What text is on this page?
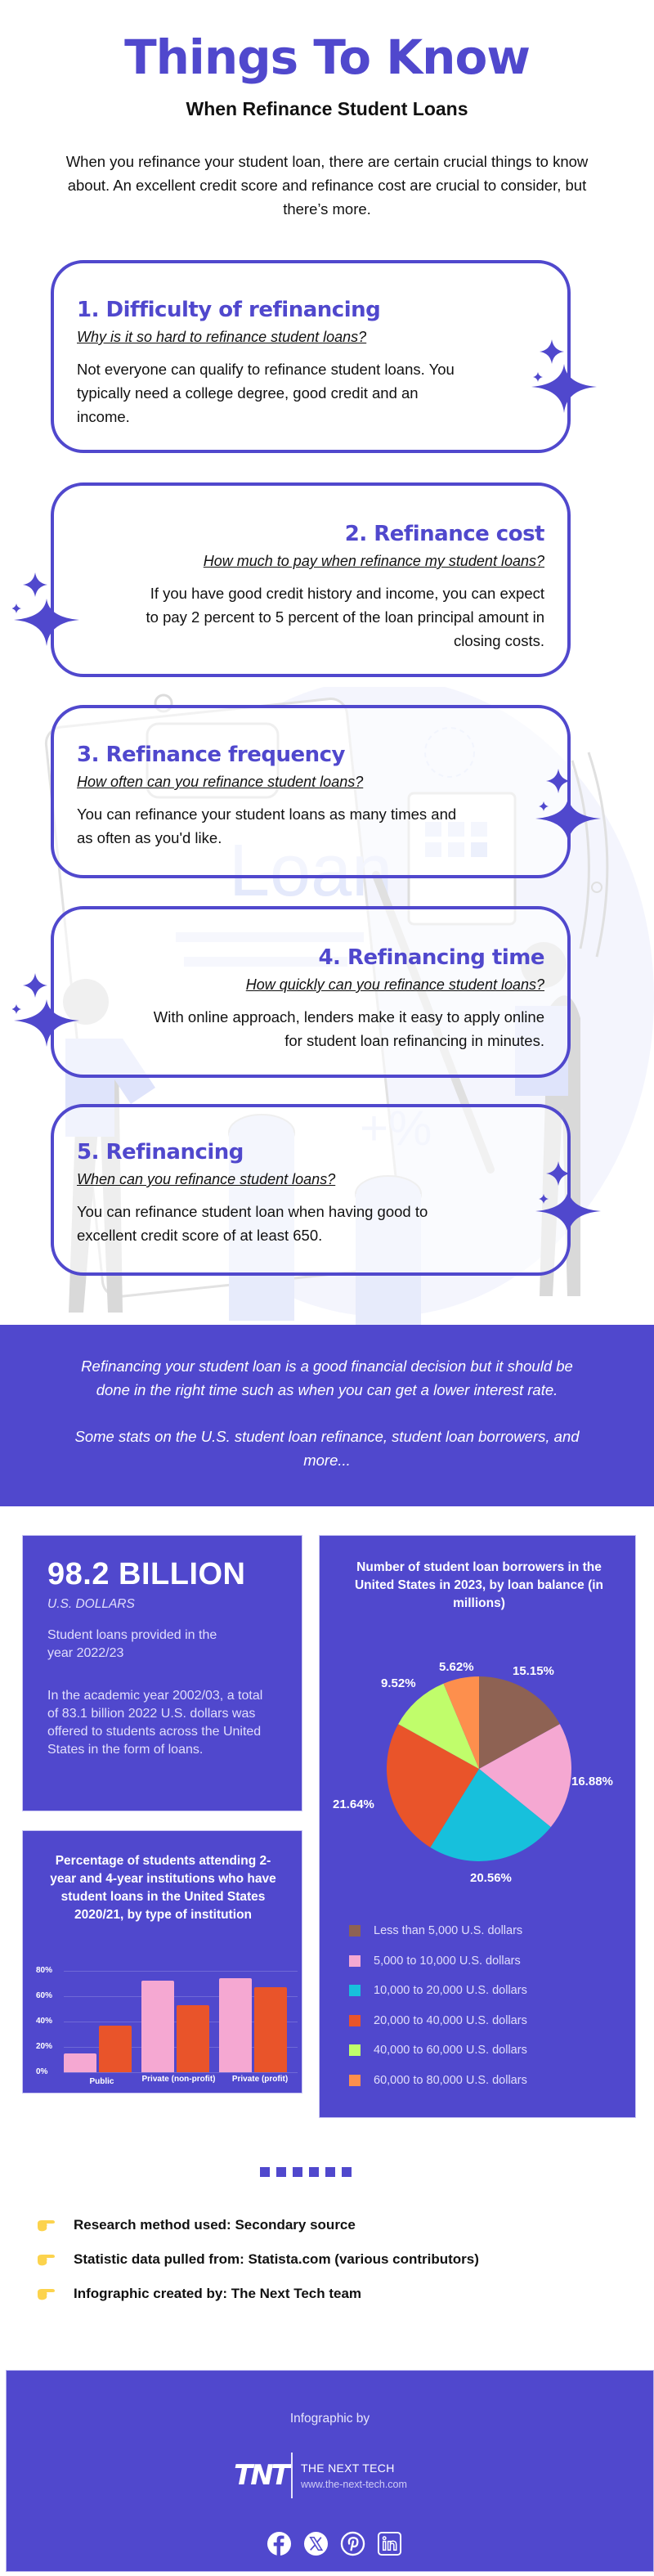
Things To Know
When Refinance Student Loans
When you refinance your student loan, there are certain crucial things to know about. An excellent credit score and refinance cost are crucial to consider, but there’s more.
1. Difficulty of refinancing
Why is it so hard to refinance student loans?
Not everyone can qualify to refinance student loans. You typically need a college degree, good credit and an income.
2. Refinance cost
How much to pay when refinance my student loans?
If you have good credit history and income, you can expect to pay 2 percent to 5 percent of the loan principal amount in closing costs.
3. Refinance frequency
How often can you refinance student loans?
You can refinance your student loans as many times and as often as you'd like.
4. Refinancing time
How quickly can you refinance student loans?
With online approach, lenders make it easy to apply online for student loan refinancing in minutes.
5. Refinancing
When can you refinance student loans?
You can refinance student loan when having good to excellent credit score of at least 650.

Refinancing your student loan is a good financial decision but it should be done in the right time such as when you can get a lower interest rate.

Some stats on the U.S. student loan refinance, student loan borrowers, and more...

98.2 BILLION
U.S. DOLLARS
Student loans provided in the year 2022/23
In the academic year 2002/03, a total of 83.1 billion 2022 U.S. dollars was offered to students across the United States in the form of loans.
Number of student loan borrowers in the United States in 2023, by loan balance (in millions)
15.15%
16.88%
20.56%
21.64%
9.52%
5.62%
Less than 5,000 U.S. dollars
5,000 to 10,000 U.S. dollars
10,000 to 20,000 U.S. dollars
20,000 to 40,000 U.S. dollars
40,000 to 60,000 U.S. dollars
60,000 to 80,000 U.S. dollars
Percentage of students attending 2-year and 4-year institutions who have student loans in the United States 2020/21, by type of institution
80%
60%
40%
20%
0%
Public	Private (non-profit)	Private (profit)
Research method used: Secondary source
Statistic data pulled from: Statista.com (various contributors)
Infographic created by: The Next Tech team
Infographic by
TNT THE NEXT TECH
www.the-next-tech.com
